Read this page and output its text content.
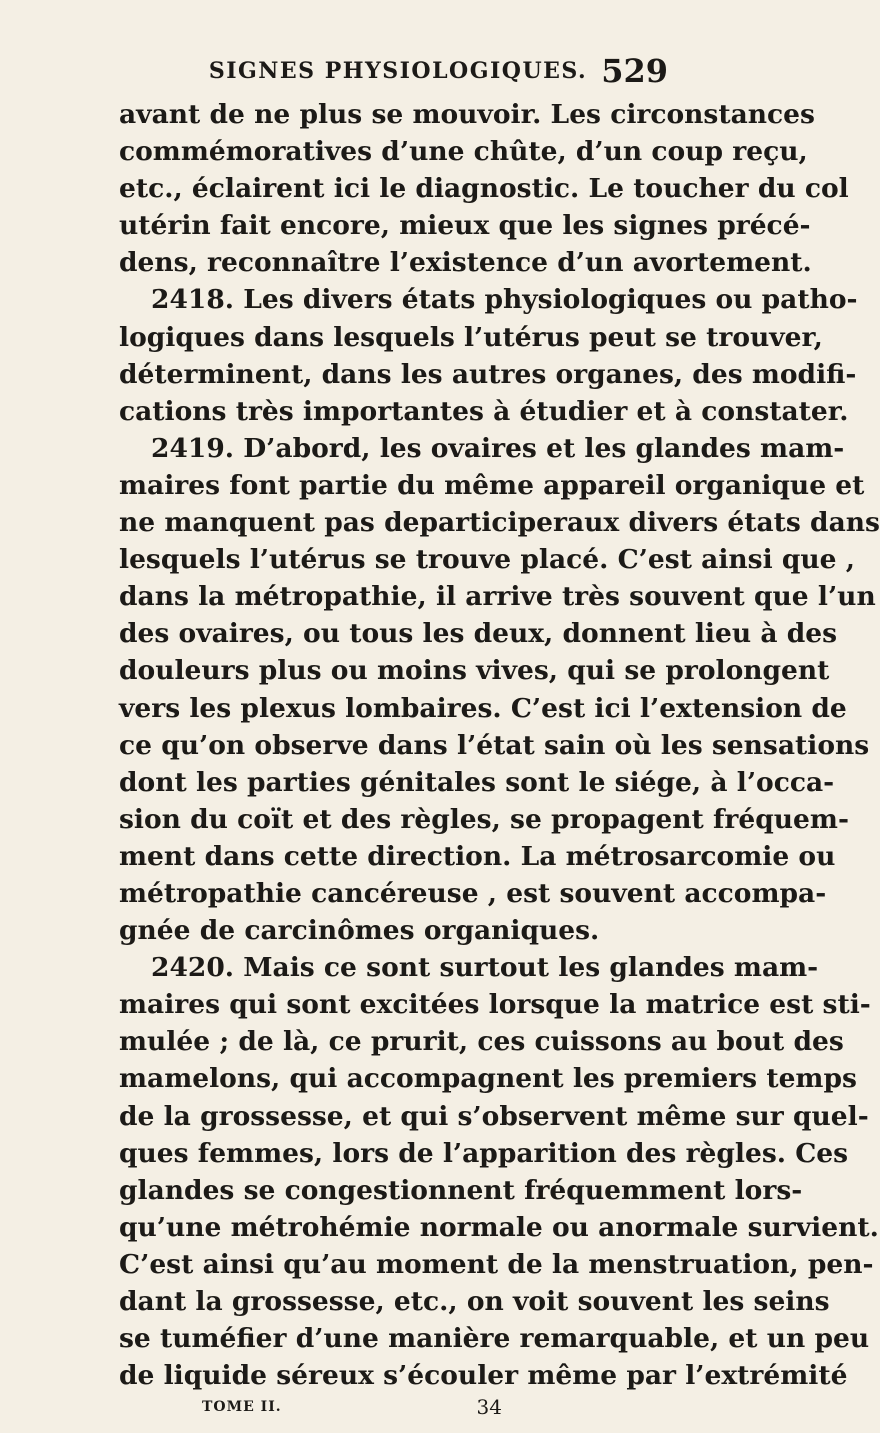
SIGNES PHYSIOLOGIQUES. 529
avant de ne plus se mouvoir. Les circonstances
commémoratives d’une chûte, d’un coup reçu,
etc., éclairent ici le diagnostic. Le toucher du col
utérin fait encore, mieux que les signes précé-
dens, reconnaître l’existence d’un avortement.
2418. Les divers états physiologiques ou patho-
logiques dans lesquels l’utérus peut se trouver,
déterminent, dans les autres organes, des modifi-
cations très importantes à étudier et à constater.
2419. D’abord, les ovaires et les glandes mam-
maires font partie du même appareil organique et
ne manquent pas departiciperaux divers états dans
lesquels l’utérus se trouve placé. C’est ainsi que ,
dans la métropathie, il arrive très souvent que l’un
des ovaires, ou tous les deux, donnent lieu à des
douleurs plus ou moins vives, qui se prolongent
vers les plexus lombaires. C’est ici l’extension de
ce qu’on observe dans l’état sain où les sensations
dont les parties génitales sont le siége, à l’occa-
sion du coït et des règles, se propagent fréquem-
ment dans cette direction. La métrosarcomie ou
métropathie cancéreuse , est souvent accompa-
gnée de carcinômes organiques.
2420. Mais ce sont surtout les glandes mam-
maires qui sont excitées lorsque la matrice est sti-
mulée ; de là, ce prurit, ces cuissons au bout des
mamelons, qui accompagnent les premiers temps
de la grossesse, et qui s’observent même sur quel-
ques femmes, lors de l’apparition des règles. Ces
glandes se congestionnent fréquemment lors-
qu’une métrohémie normale ou anormale survient.
C’est ainsi qu’au moment de la menstruation, pen-
dant la grossesse, etc., on voit souvent les seins
se tuméfier d’une manière remarquable, et un peu
de liquide séreux s’écouler même par l’extrémité
TOME II.	34
